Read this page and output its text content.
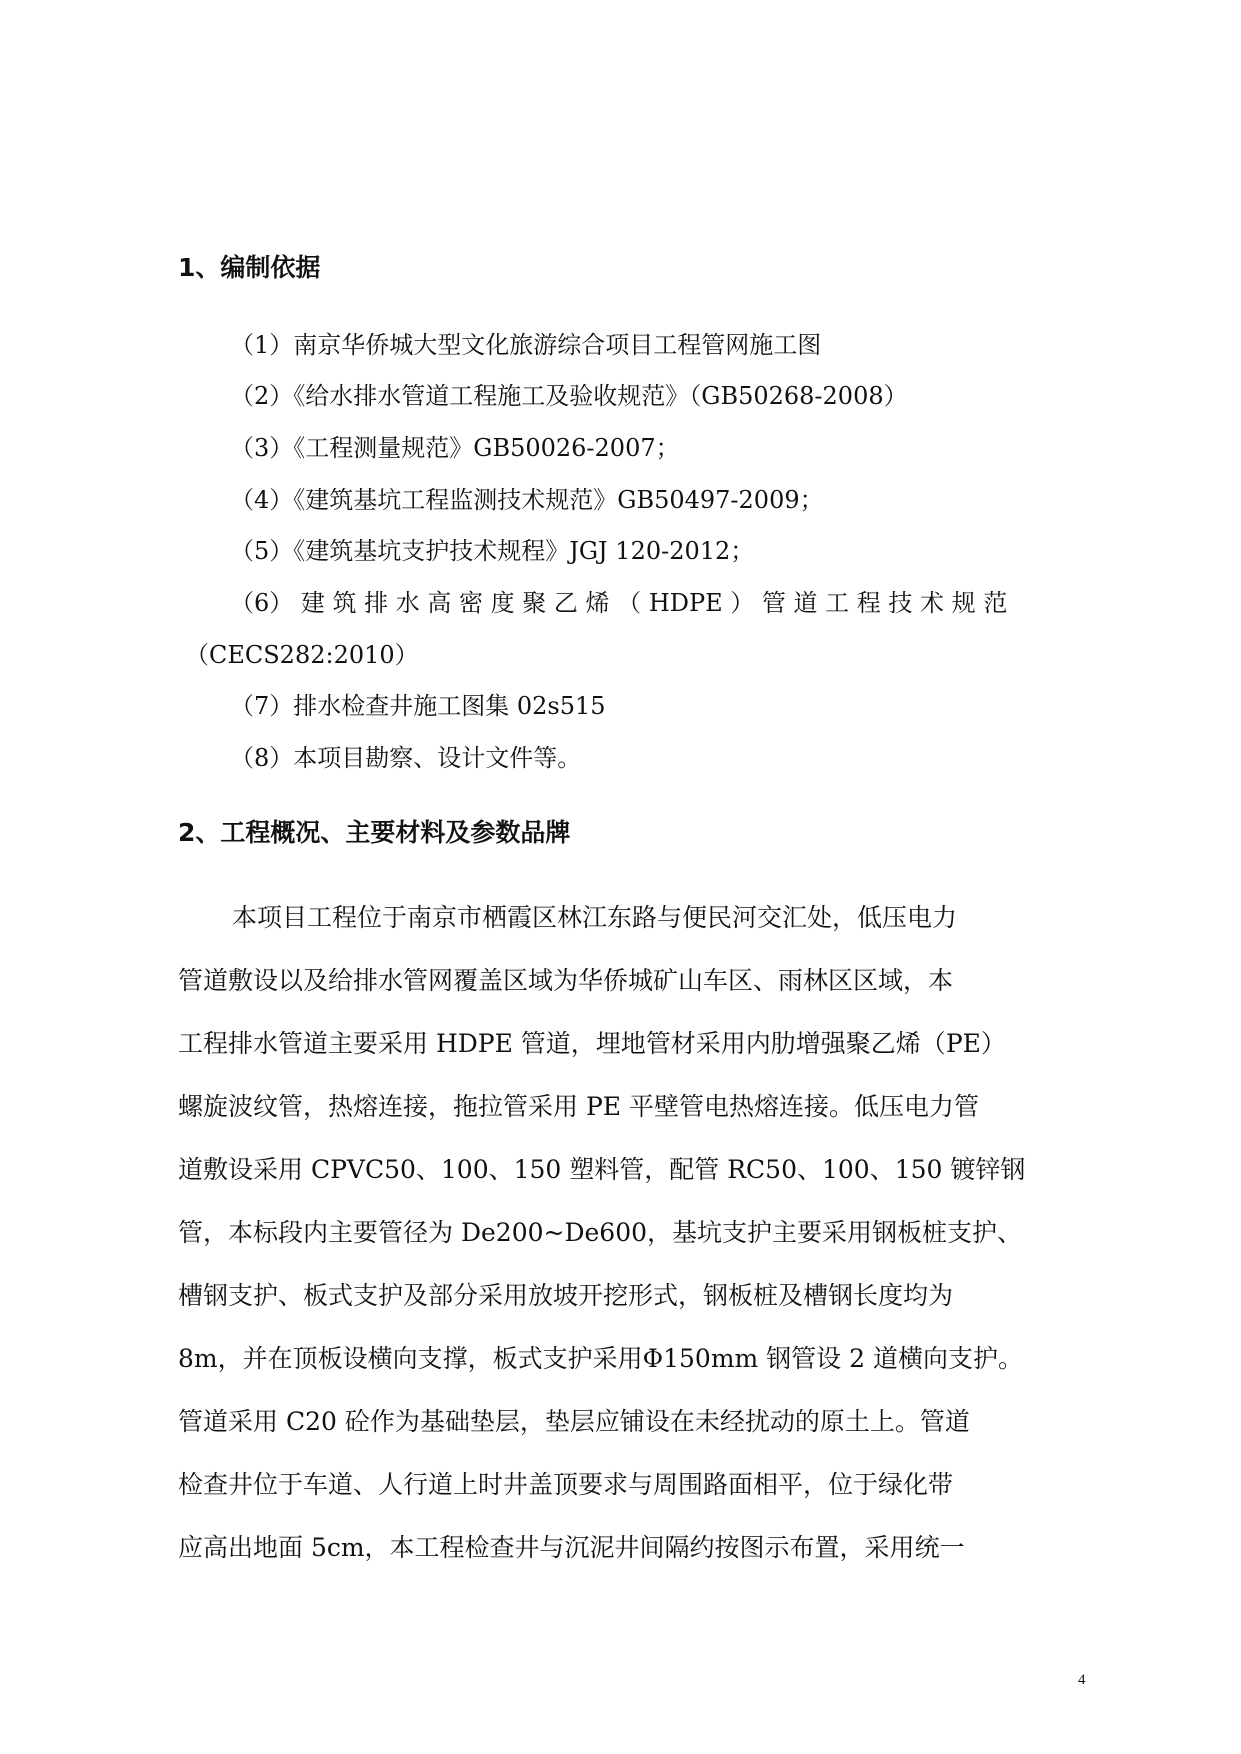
1、编制依据
（1）南京华侨城大型文化旅游综合项目工程管网施工图
（2）《给水排水管道工程施工及验收规范》（GB50268-2008）
（3）《工程测量规范》GB50026-2007；
（4）《建筑基坑工程监测技术规范》GB50497-2009；
（5）《建筑基坑支护技术规程》JGJ 120-2012；
（6） 建 筑 排 水 高 密 度 聚 乙 烯 （ HDPE ） 管 道 工 程 技 术 规 范
（CECS282:2010）
（7）排水检查井施工图集 02s515
（8）本项目勘察、设计文件等。
2、工程概况、主要材料及参数品牌
本项目工程位于南京市栖霞区林江东路与便民河交汇处，低压电力
管道敷设以及给排水管网覆盖区域为华侨城矿山车区、雨林区区域，本
工程排水管道主要采用 HDPE 管道，埋地管材采用内肋增强聚乙烯（PE）
螺旋波纹管，热熔连接，拖拉管采用 PE 平壁管电热熔连接。低压电力管
道敷设采用 CPVC50、100、150 塑料管，配管 RC50、100、150 镀锌钢
管，本标段内主要管径为 De200~De600，基坑支护主要采用钢板桩支护、
槽钢支护、板式支护及部分采用放坡开挖形式，钢板桩及槽钢长度均为
8m，并在顶板设横向支撑，板式支护采用Φ150mm 钢管设 2 道横向支护。
管道采用 C20 砼作为基础垫层，垫层应铺设在未经扰动的原土上。管道
检查井位于车道、人行道上时井盖顶要求与周围路面相平，位于绿化带
应高出地面 5cm，本工程检查井与沉泥井间隔约按图示布置，采用统一
4
